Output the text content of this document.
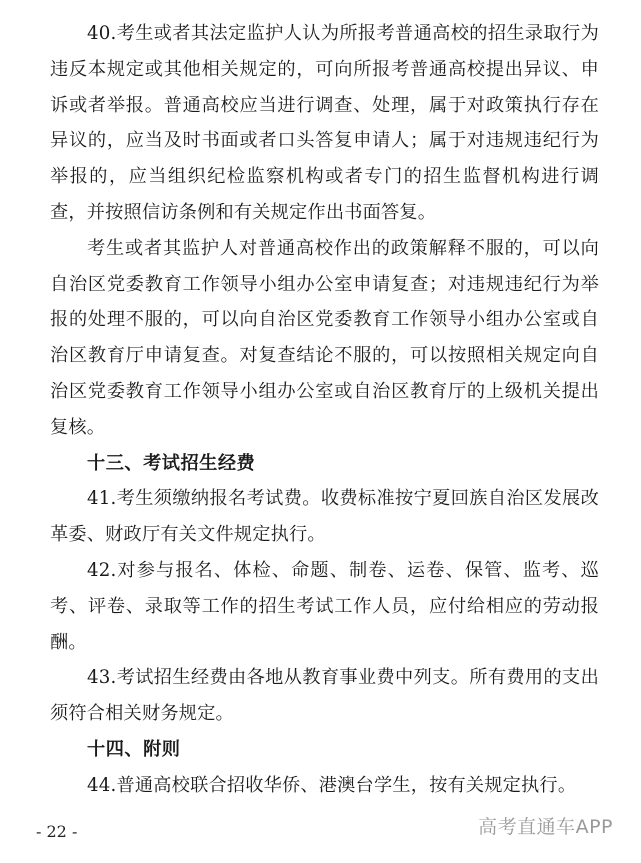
40.考生或者其法定监护人认为所报考普通高校的招生录取行为违反本规定或其他相关规定的，可向所报考普通高校提出异议、申诉或者举报。普通高校应当进行调查、处理，属于对政策执行存在异议的，应当及时书面或者口头答复申请人；属于对违规违纪行为举报的，应当组织纪检监察机构或者专门的招生监督机构进行调查，并按照信访条例和有关规定作出书面答复。

考生或者其监护人对普通高校作出的政策解释不服的，可以向自治区党委教育工作领导小组办公室申请复查；对违规违纪行为举报的处理不服的，可以向自治区党委教育工作领导小组办公室或自治区教育厅申请复查。对复查结论不服的，可以按照相关规定向自治区党委教育工作领导小组办公室或自治区教育厅的上级机关提出复核。

十三、考试招生经费

41.考生须缴纳报名考试费。收费标准按宁夏回族自治区发展改革委、财政厅有关文件规定执行。

42.对参与报名、体检、命题、制卷、运卷、保管、监考、巡考、评卷、录取等工作的招生考试工作人员，应付给相应的劳动报酬。

43.考试招生经费由各地从教育事业费中列支。所有费用的支出须符合相关财务规定。

十四、附则

44.普通高校联合招收华侨、港澳台学生，按有关规定执行。

- 22 -	高考直通车APP
